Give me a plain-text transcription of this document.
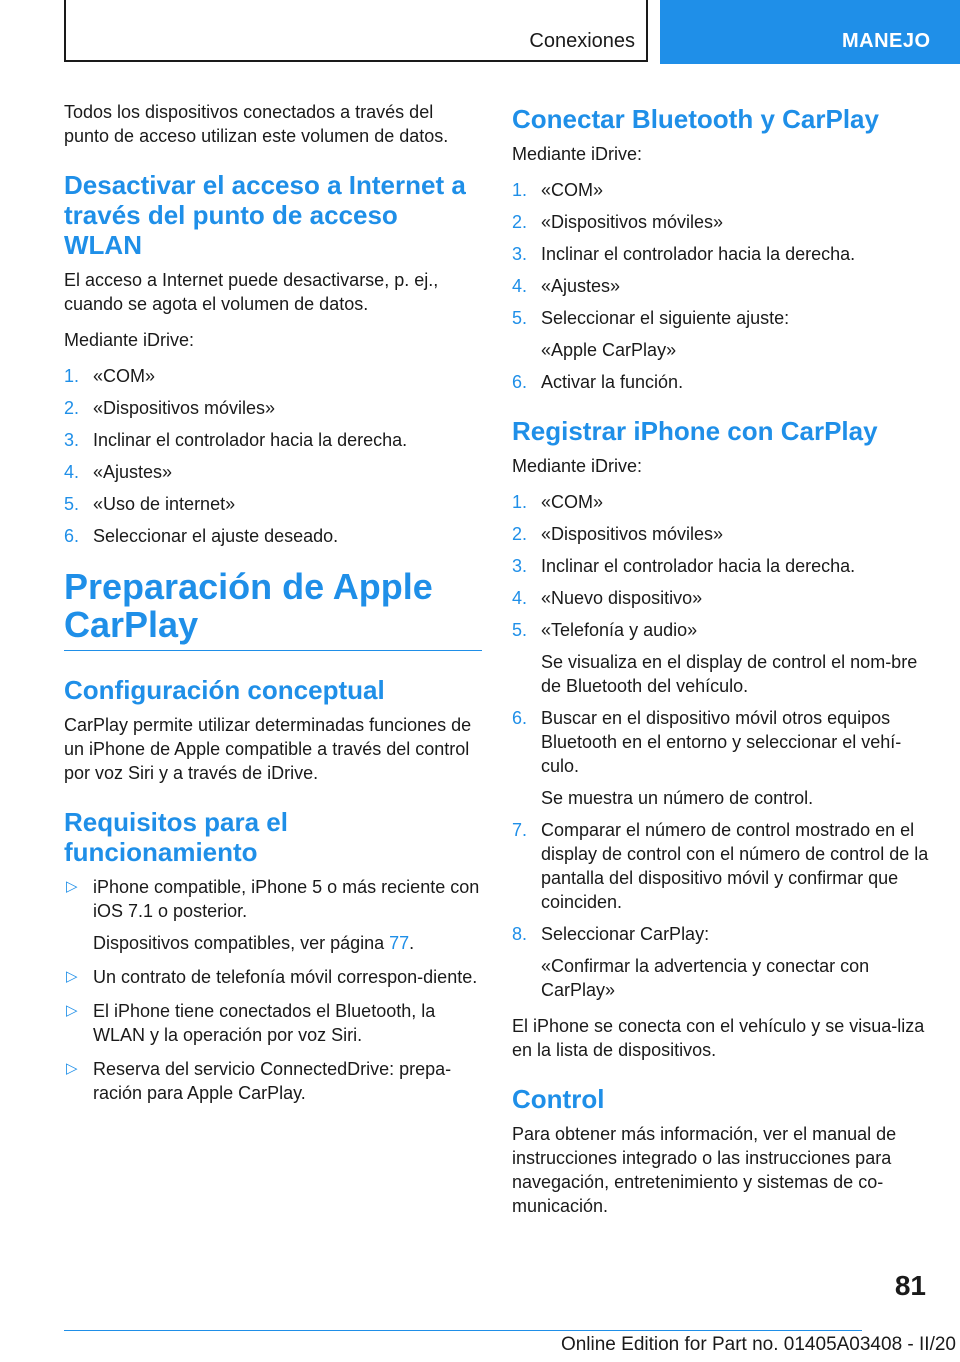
Conexiones	MANEJO

Todos los dispositivos conectados a través del punto de acceso utilizan este volumen de datos.

Desactivar el acceso a Internet a través del punto de acceso WLAN

El acceso a Internet puede desactivarse, p. ej., cuando se agota el volumen de datos.

Mediante iDrive:

1. «COM»
2. «Dispositivos móviles»
3. Inclinar el controlador hacia la derecha.
4. «Ajustes»
5. «Uso de internet»
6. Seleccionar el ajuste deseado.
Preparación de Apple CarPlay
Configuración conceptual

CarPlay permite utilizar determinadas funciones de un iPhone de Apple compatible a través del control por voz Siri y a través de iDrive.

Requisitos para el funcionamiento
▷ iPhone compatible, iPhone 5 o más reciente con iOS 7.1 o posterior.
Dispositivos compatibles, ver página 77.
▷ Un contrato de telefonía móvil correspon-diente.
▷ El iPhone tiene conectados el Bluetooth, la WLAN y la operación por voz Siri.
▷ Reserva del servicio ConnectedDrive: prepa-ración para Apple CarPlay.
Conectar Bluetooth y CarPlay

Mediante iDrive:

1. «COM»
2. «Dispositivos móviles»
3. Inclinar el controlador hacia la derecha.
4. «Ajustes»
5. Seleccionar el siguiente ajuste:
«Apple CarPlay»
6. Activar la función.
Registrar iPhone con CarPlay

Mediante iDrive:

1. «COM»
2. «Dispositivos móviles»
3. Inclinar el controlador hacia la derecha.
4. «Nuevo dispositivo»
5. «Telefonía y audio»
Se visualiza en el display de control el nom-bre de Bluetooth del vehículo.
6. Buscar en el dispositivo móvil otros equipos Bluetooth en el entorno y seleccionar el vehí-culo.
Se muestra un número de control.
7. Comparar el número de control mostrado en el display de control con el número de control de la pantalla del dispositivo móvil y confirmar que coinciden.
8. Seleccionar CarPlay:
«Confirmar la advertencia y conectar con CarPlay»

El iPhone se conecta con el vehículo y se visua-liza en la lista de dispositivos.

Control

Para obtener más información, ver el manual de instrucciones integrado o las instrucciones para navegación, entretenimiento y sistemas de co-municación.

81
Online Edition for Part no. 01405A03408 - II/20
